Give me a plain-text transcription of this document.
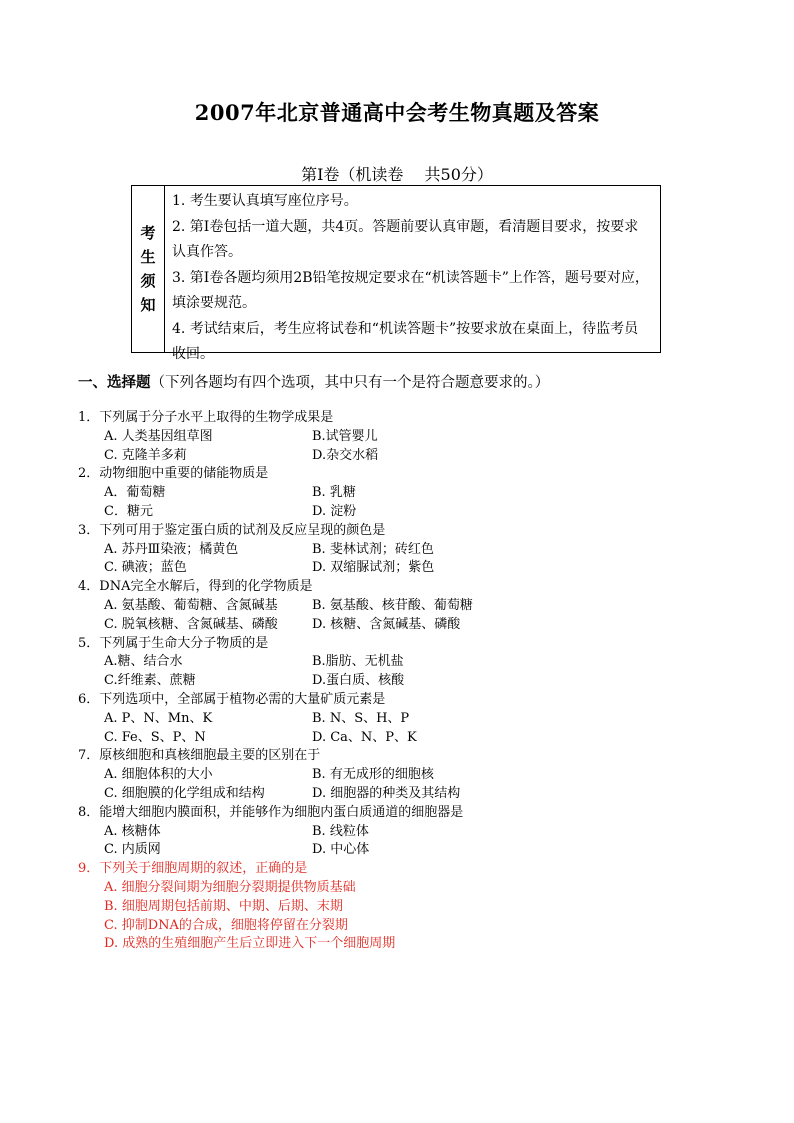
2007年北京普通高中会考生物真题及答案
第Ⅰ卷（机读卷　 共50分）
考
生
须
知

1. 考生要认真填写座位序号。

2. 第Ⅰ卷包括一道大题，共4页。答题前要认真审题，看清题目要求，按要求认真作答。

3. 第Ⅰ卷各题均须用2B铅笔按规定要求在“机读答题卡”上作答，题号要对应，填涂要规范。

4. 考试结束后，考生应将试卷和“机读答题卡”按要求放在桌面上，待监考员收回。

一、选择题（下列各题均有四个选项，其中只有一个是符合题意要求的。）

1．下列属于分子水平上取得的生物学成果是

A. 人类基因组草图	B.试管婴儿
C. 克隆羊多莉	D.杂交水稻

2．动物细胞中重要的储能物质是

A．葡萄糖	B. 乳糖
C．糖元	D. 淀粉

3．下列可用于鉴定蛋白质的试剂及反应呈现的颜色是

A. 苏丹Ⅲ染液；橘黄色	B. 斐林试剂；砖红色
C. 碘液；蓝色	D. 双缩脲试剂；紫色

4．DNA完全水解后，得到的化学物质是

A. 氨基酸、葡萄糖、含氮碱基	B. 氨基酸、核苷酸、葡萄糖
C. 脱氧核糖、含氮碱基、磷酸	D. 核糖、含氮碱基、磷酸

5．下列属于生命大分子物质的是

A.糖、结合水	B.脂肪、无机盐
C.纤维素、蔗糖	D.蛋白质、核酸

6．下列选项中，全部属于植物必需的大量矿质元素是

A. P、N、Mn、K	B. N、S、H、P
C. Fe、S、P、N	D. Ca、N、P、K

7．原核细胞和真核细胞最主要的区别在于

A. 细胞体积的大小	B. 有无成形的细胞核
C. 细胞膜的化学组成和结构	D. 细胞器的种类及其结构

8．能增大细胞内膜面积，并能够作为细胞内蛋白质通道的细胞器是

A. 核糖体	B. 线粒体
C. 内质网	D. 中心体

9．下列关于细胞周期的叙述，正确的是

A. 细胞分裂间期为细胞分裂期提供物质基础
B. 细胞周期包括前期、中期、后期、末期
C. 抑制DNA的合成，细胞将停留在分裂期
D. 成熟的生殖细胞产生后立即进入下一个细胞周期
